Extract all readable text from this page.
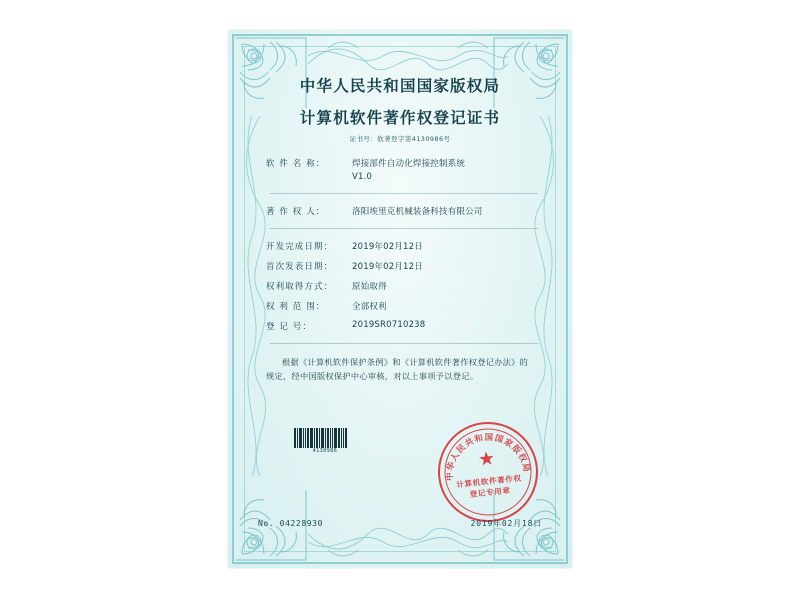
中华人民共和国国家版权局
计算机软件著作权登记证书
证书号：软著登字第4130986号
软 件 名 称：	焊接部件自动化焊接控制系统
V1.0
著 作 权 人：	洛阳埃里克机械装备科技有限公司
开发完成日期：	2019年02月12日
首次发表日期：	2019年02月12日
权利取得方式：	原始取得
权 利 范 围：	全部权利
登 记 号：	2019SR0710238
根据《计算机软件保护条例》和《计算机软件著作权登记办法》的规定，经中国版权保护中心审核，对以上事项予以登记。
4130986
中华人民共和国国家版权局
★
计算机软件著作权
登记专用章
No. 04228930	2019年02月18日
